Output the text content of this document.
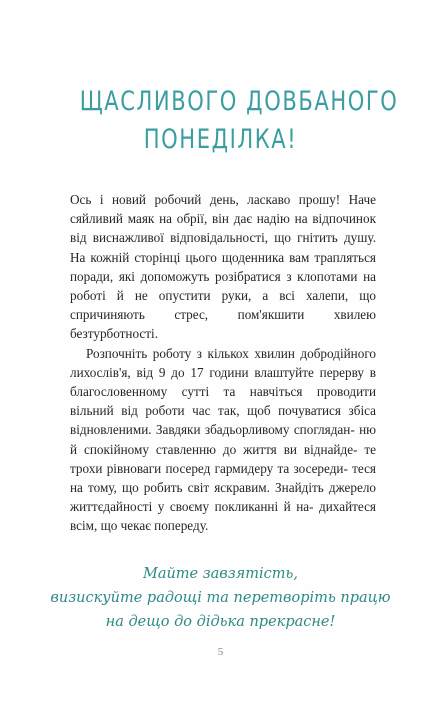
ЩАСЛИВОГО ДОВБАНОГО
ПОНЕДІЛКА!

Ось і новий робочий день, ласкаво прошу! Наче сяйливий маяк на обрії, він дає надію на відпочинок від виснажливої відповідальності, що гнітить душу. На кожній сторінці цього щоденника вам трапляться поради, які допоможуть розібратися з клопотами на роботі й не опустити руки, а всі халепи, що спричиняють стрес, пом'якшити хвилею безтурботності.

Розпочніть роботу з кількох хвилин добродійного лихослів'я, від 9 до 17 години влаштуйте перерву в благословенному сутті та навчіться проводити вільний від роботи час так, щоб почуватися збіса відновленими. Завдяки збадьорливому споглядан- ню й спокійному ставленню до життя ви віднайде- те трохи рівноваги посеред гармидеру та зосереди- теся на тому, що робить світ яскравим. Знайдіть джерело життєдайності у своєму покликанні й на- дихайтеся всім, що чекає попереду.

Майте завзятість,
визискуйте радощі та перетворіть працю
на дещо до дідька прекрасне!
5
